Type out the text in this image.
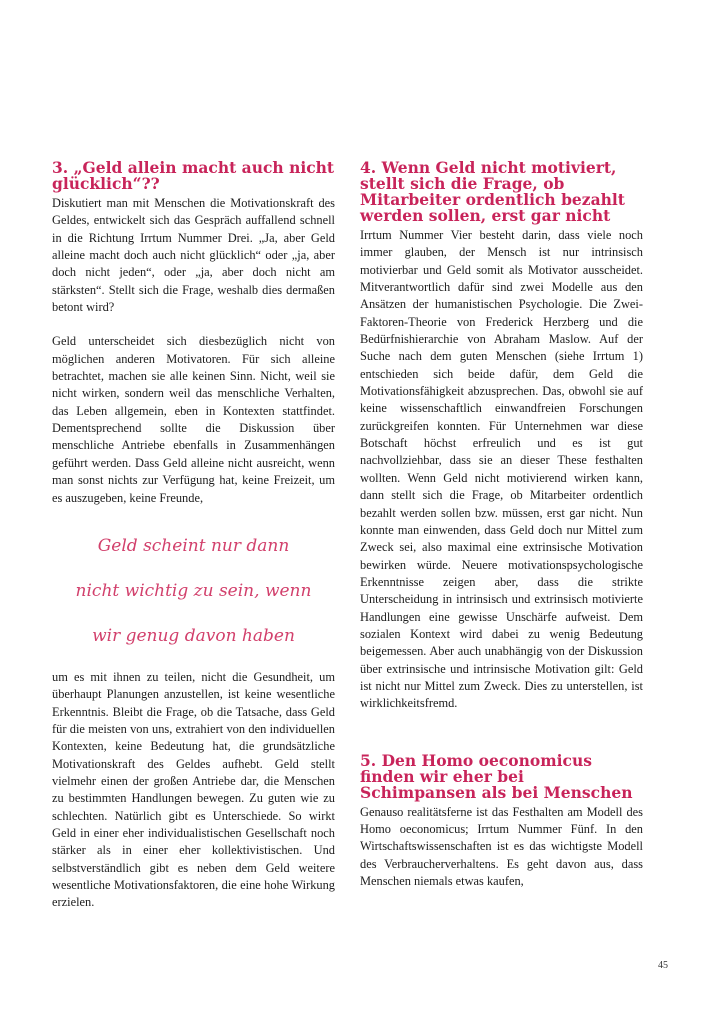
3. „Geld allein macht auch nicht glücklich“??

Diskutiert man mit Menschen die Motivationskraft des Geldes, entwickelt sich das Gespräch auffallend schnell in die Richtung Irrtum Nummer Drei. „Ja, aber Geld alleine macht doch auch nicht glücklich“ oder „ja, aber doch nicht jeden“, oder „ja, aber doch nicht am stärksten“. Stellt sich die Frage, weshalb dies dermaßen betont wird?

Geld unterscheidet sich diesbezüglich nicht von möglichen anderen Motivatoren. Für sich alleine betrachtet, machen sie alle keinen Sinn. Nicht, weil sie nicht wirken, sondern weil das menschliche Verhalten, das Leben allgemein, eben in Kontexten stattfindet. Dementsprechend sollte die Diskussion über menschliche Antriebe ebenfalls in Zusammenhängen geführt werden. Dass Geld alleine nicht ausreicht, wenn man sonst nichts zur Verfügung hat, keine Freizeit, um es auszugeben, keine Freunde,

Geld scheint nur dann
nicht wichtig zu sein, wenn
wir genug davon haben

um es mit ihnen zu teilen, nicht die Gesundheit, um überhaupt Planungen anzustellen, ist keine wesentliche Erkenntnis. Bleibt die Frage, ob die Tatsache, dass Geld für die meisten von uns, extrahiert von den individuellen Kontexten, keine Bedeutung hat, die grundsätzliche Motivationskraft des Geldes aufhebt. Geld stellt vielmehr einen der großen Antriebe dar, die Menschen zu bestimmten Handlungen bewegen. Zu guten wie zu schlechten. Natürlich gibt es Unterschiede. So wirkt Geld in einer eher individualistischen Gesellschaft noch stärker als in einer eher kollektivistischen. Und selbstverständlich gibt es neben dem Geld weitere wesentliche Motivationsfaktoren, die eine hohe Wirkung erzielen.

4. Wenn Geld nicht motiviert, stellt sich die Frage, ob Mitarbeiter ordentlich bezahlt werden sollen, erst gar nicht

Irrtum Nummer Vier besteht darin, dass viele noch immer glauben, der Mensch ist nur intrinsisch motivierbar und Geld somit als Motivator ausscheidet. Mitverantwortlich dafür sind zwei Modelle aus den Ansätzen der humanistischen Psychologie. Die Zwei-Faktoren-Theorie von Frederick Herzberg und die Bedürfnishierarchie von Abraham Maslow. Auf der Suche nach dem guten Menschen (siehe Irrtum 1) entschieden sich beide dafür, dem Geld die Motivationsfähigkeit abzusprechen. Das, obwohl sie auf keine wissenschaftlich einwandfreien Forschungen zurückgreifen konnten. Für Unternehmen war diese Botschaft höchst erfreulich und es ist gut nachvollziehbar, dass sie an dieser These festhalten wollten. Wenn Geld nicht motivierend wirken kann, dann stellt sich die Frage, ob Mitarbeiter ordentlich bezahlt werden sollen bzw. müssen, erst gar nicht. Nun konnte man einwenden, dass Geld doch nur Mittel zum Zweck sei, also maximal eine extrinsische Motivation bewirken würde. Neuere motivationspsychologische Erkenntnisse zeigen aber, dass die strikte Unterscheidung in intrinsisch und extrinsisch motivierte Handlungen eine gewisse Unschärfe aufweist. Dem sozialen Kontext wird dabei zu wenig Bedeutung beigemessen. Aber auch unabhängig von der Diskussion über extrinsische und intrinsische Motivation gilt: Geld ist nicht nur Mittel zum Zweck. Dies zu unterstellen, ist wirklichkeitsfremd.

5. Den Homo oeconomicus finden wir eher bei Schimpansen als bei Menschen

Genauso realitätsferne ist das Festhalten am Modell des Homo oeconomicus; Irrtum Nummer Fünf. In den Wirtschaftswissenschaften ist es das wichtigste Modell des Verbraucherverhaltens. Es geht davon aus, dass Menschen niemals etwas kaufen,

45
